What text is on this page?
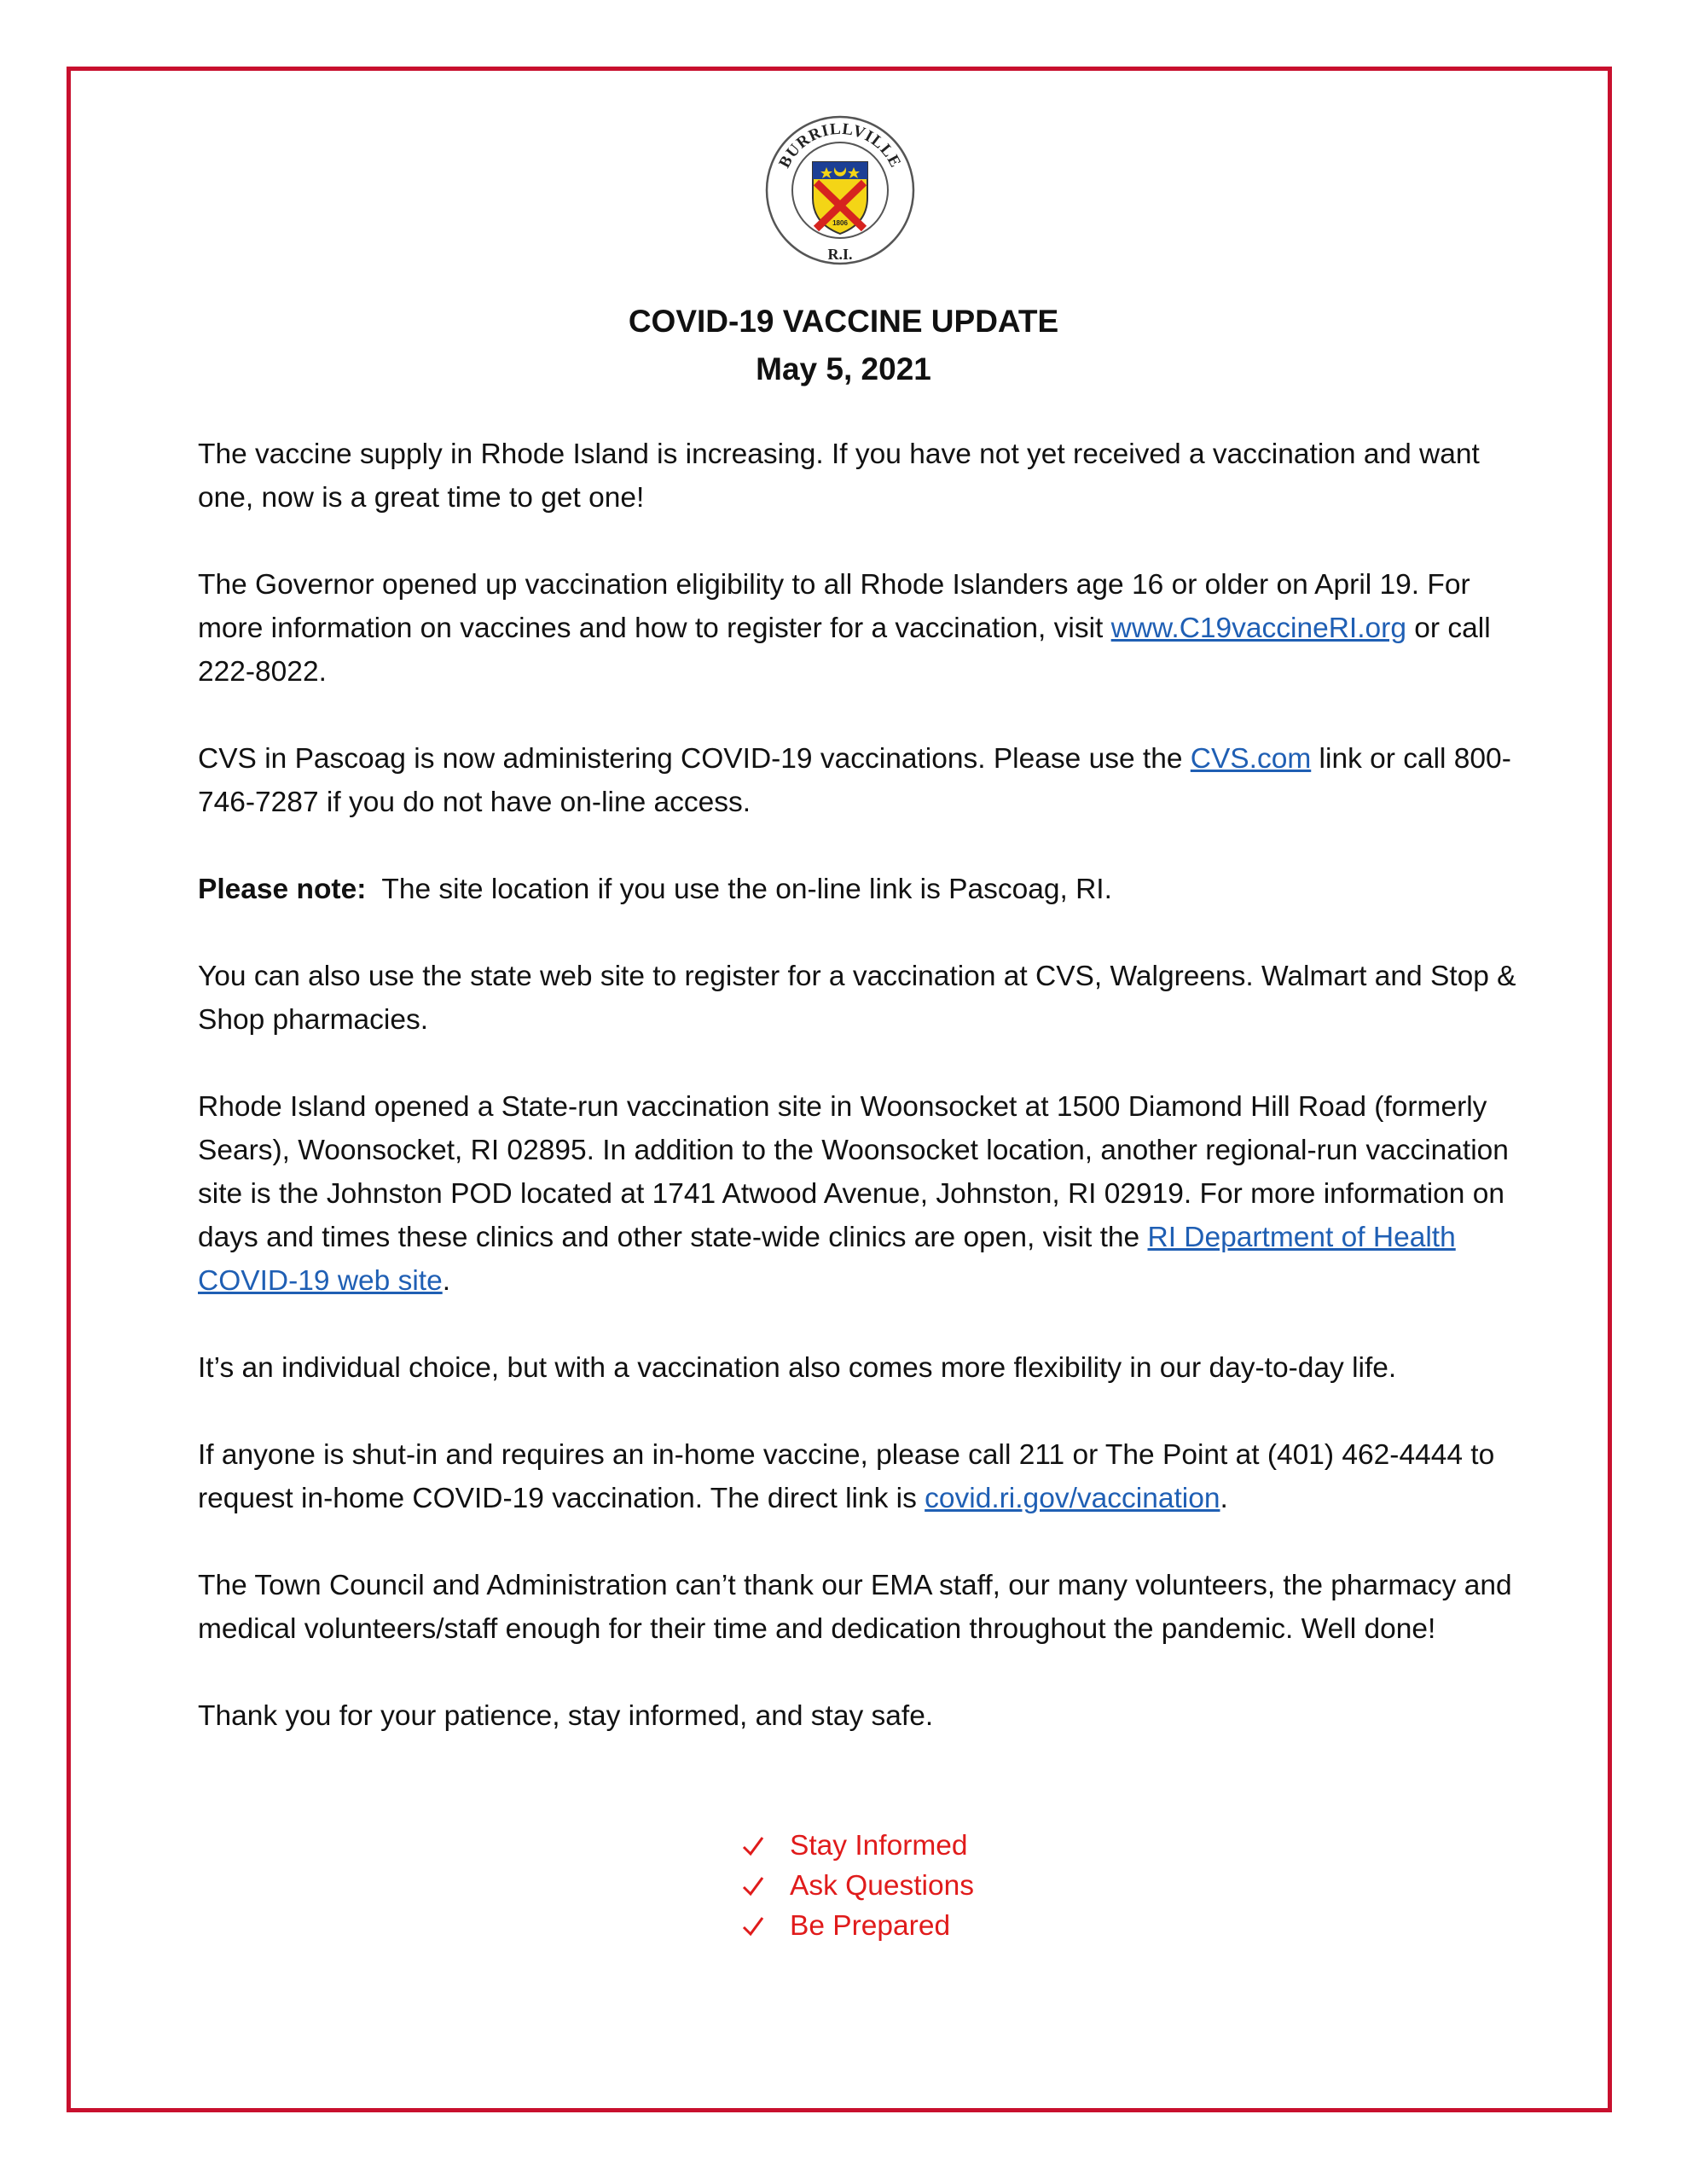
BURRILLVILLE
R.I.
1806
COVID-19 VACCINE UPDATE
May 5, 2021

The vaccine supply in Rhode Island is increasing. If you have not yet received a vaccination and want one, now is a great time to get one!

The Governor opened up vaccination eligibility to all Rhode Islanders age 16 or older on April 19. For more information on vaccines and how to register for a vaccination, visit www.C19vaccineRI.org or call 222-8022.

CVS in Pascoag is now administering COVID-19 vaccinations. Please use the CVS.com link or call 800-746-7287 if you do not have on-line access.

Please note:  The site location if you use the on-line link is Pascoag, RI.

You can also use the state web site to register for a vaccination at CVS, Walgreens. Walmart and Stop & Shop pharmacies.

Rhode Island opened a State-run vaccination site in Woonsocket at 1500 Diamond Hill Road (formerly Sears), Woonsocket, RI 02895. In addition to the Woonsocket location, another regional-run vaccination site is the Johnston POD located at 1741 Atwood Avenue, Johnston, RI 02919. For more information on days and times these clinics and other state-wide clinics are open, visit the RI Department of Health COVID-19 web site.

It’s an individual choice, but with a vaccination also comes more flexibility in our day-to-day life.

If anyone is shut-in and requires an in-home vaccine, please call 211 or The Point at (401) 462-4444 to request in-home COVID-19 vaccination. The direct link is covid.ri.gov/vaccination.

The Town Council and Administration can’t thank our EMA staff, our many volunteers, the pharmacy and medical volunteers/staff enough for their time and dedication throughout the pandemic. Well done!

Thank you for your patience, stay informed, and stay safe.

Stay Informed
Ask Questions
Be Prepared
